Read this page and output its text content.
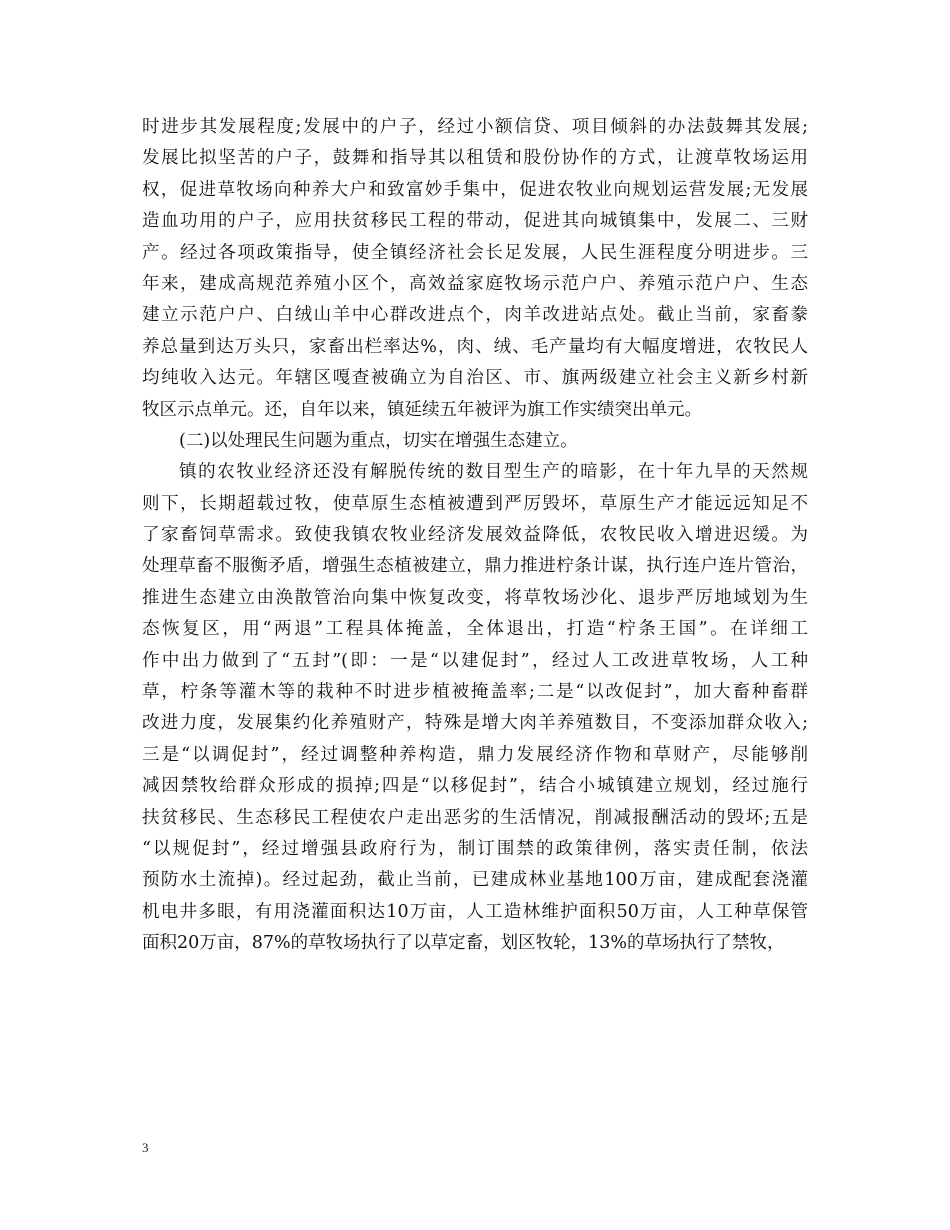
时进步其发展程度;发展中的户子，经过小额信贷、项目倾斜的办法鼓舞其发展;
发展比拟坚苦的户子，鼓舞和指导其以租赁和股份协作的方式，让渡草牧场运用
权，促进草牧场向种养大户和致富妙手集中，促进农牧业向规划运营发展;无发展
造血功用的户子，应用扶贫移民工程的带动，促进其向城镇集中，发展二、三财
产。经过各项政策指导，使全镇经济社会长足发展，人民生涯程度分明进步。三
年来，建成高规范养殖小区个，高效益家庭牧场示范户户、养殖示范户户、生态
建立示范户户、白绒山羊中心群改进点个，肉羊改进站点处。截止当前，家畜豢
养总量到达万头只，家畜出栏率达%，肉、绒、毛产量均有大幅度增进，农牧民人
均纯收入达元。年辖区嘎查被确立为自治区、市、旗两级建立社会主义新乡村新
牧区示点单元。还，自年以来，镇延续五年被评为旗工作实绩突出单元。
(二)以处理民生问题为重点，切实在增强生态建立。
镇的农牧业经济还没有解脱传统的数目型生产的暗影，在十年九旱的天然规
则下，长期超载过牧，使草原生态植被遭到严厉毁坏，草原生产才能远远知足不
了家畜饲草需求。致使我镇农牧业经济发展效益降低，农牧民收入增进迟缓。为
处理草畜不服衡矛盾，增强生态植被建立，鼎力推进柠条计谋，执行连户连片管治，
推进生态建立由涣散管治向集中恢复改变，将草牧场沙化、退步严厉地域划为生
态恢复区，用“两退”工程具体掩盖，全体退出，打造“柠条王国”。在详细工
作中出力做到了“五封”(即：一是“以建促封”，经过人工改进草牧场，人工种
草，柠条等灌木等的栽种不时进步植被掩盖率;二是“以改促封”，加大畜种畜群
改进力度，发展集约化养殖财产，特殊是增大肉羊养殖数目，不变添加群众收入;
三是“以调促封”，经过调整种养构造，鼎力发展经济作物和草财产，尽能够削
减因禁牧给群众形成的损掉;四是“以移促封”，结合小城镇建立规划，经过施行
扶贫移民、生态移民工程使农户走出恶劣的生活情况，削减报酬活动的毁坏;五是
“以规促封”，经过增强县政府行为，制订围禁的政策律例，落实责任制，依法
预防水土流掉)。经过起劲，截止当前，已建成林业基地100万亩，建成配套浇灌
机电井多眼，有用浇灌面积达10万亩，人工造林维护面积50万亩，人工种草保管
面积20万亩，87%的草牧场执行了以草定畜，划区牧轮，13%的草场执行了禁牧，
3
